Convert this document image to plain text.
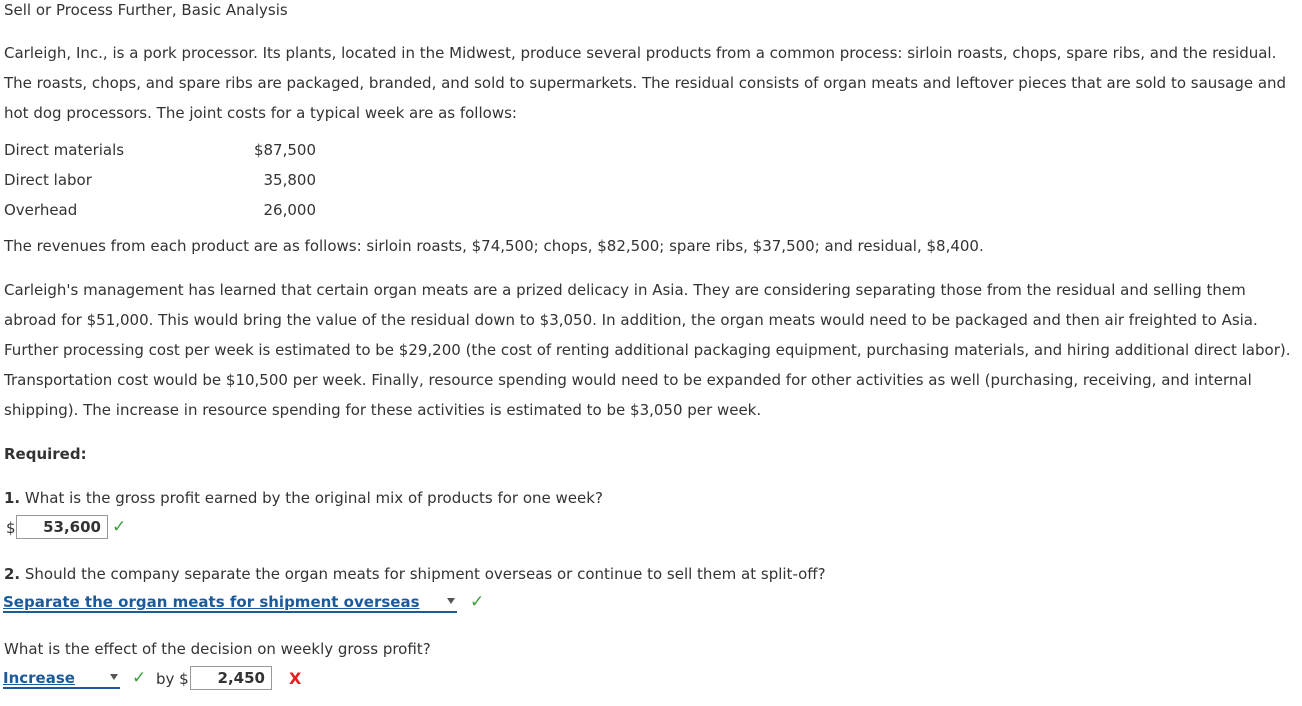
Sell or Process Further, Basic Analysis
Carleigh, Inc., is a pork processor. Its plants, located in the Midwest, produce several products from a common process: sirloin roasts, chops, spare ribs, and the residual.
The roasts, chops, and spare ribs are packaged, branded, and sold to supermarkets. The residual consists of organ meats and leftover pieces that are sold to sausage and
hot dog processors. The joint costs for a typical week are as follows:
Direct materials	$87,500
Direct labor	35,800
Overhead	26,000
The revenues from each product are as follows: sirloin roasts, $74,500; chops, $82,500; spare ribs, $37,500; and residual, $8,400.
Carleigh's management has learned that certain organ meats are a prized delicacy in Asia. They are considering separating those from the residual and selling them
abroad for $51,000. This would bring the value of the residual down to $3,050. In addition, the organ meats would need to be packaged and then air freighted to Asia.
Further processing cost per week is estimated to be $29,200 (the cost of renting additional packaging equipment, purchasing materials, and hiring additional direct labor).
Transportation cost would be $10,500 per week. Finally, resource spending would need to be expanded for other activities as well (purchasing, receiving, and internal
shipping). The increase in resource spending for these activities is estimated to be $3,050 per week.
Required:
1. What is the gross profit earned by the original mix of products for one week?
$	53,600 ✓
2. Should the company separate the organ meats for shipment overseas or continue to sell them at split-off?
Separate the organ meats for shipment overseas	✓
What is the effect of the decision on weekly gross profit?
Increase	✓ by $	2,450	X
